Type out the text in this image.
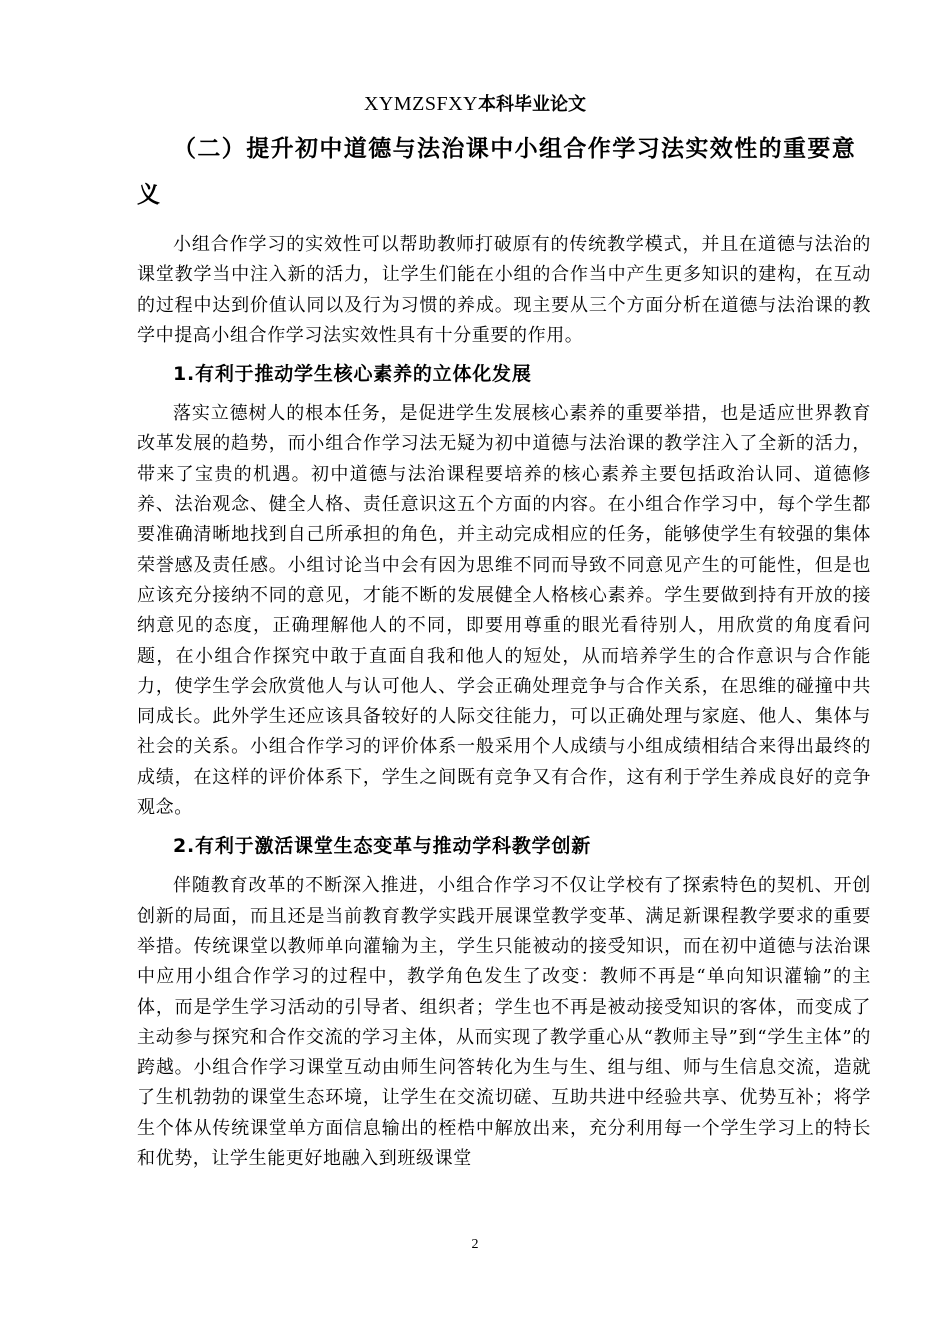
XYMZSFXY本科毕业论文
（二）提升初中道德与法治课中小组合作学习法实效性的重要意义

小组合作学习的实效性可以帮助教师打破原有的传统教学模式，并且在道德与法治的课堂教学当中注入新的活力，让学生们能在小组的合作当中产生更多知识的建构，在互动的过程中达到价值认同以及行为习惯的养成。现主要从三个方面分析在道德与法治课的教学中提高小组合作学习法实效性具有十分重要的作用。

1.有利于推动学生核心素养的立体化发展

落实立德树人的根本任务，是促进学生发展核心素养的重要举措，也是适应世界教育改革发展的趋势，而小组合作学习法无疑为初中道德与法治课的教学注入了全新的活力，带来了宝贵的机遇。初中道德与法治课程要培养的核心素养主要包括政治认同、道德修养、法治观念、健全人格、责任意识这五个方面的内容。在小组合作学习中，每个学生都要准确清晰地找到自己所承担的角色，并主动完成相应的任务，能够使学生有较强的集体荣誉感及责任感。小组讨论当中会有因为思维不同而导致不同意见产生的可能性，但是也应该充分接纳不同的意见，才能不断的发展健全人格核心素养。学生要做到持有开放的接纳意见的态度，正确理解他人的不同，即要用尊重的眼光看待别人，用欣赏的角度看问题，在小组合作探究中敢于直面自我和他人的短处，从而培养学生的合作意识与合作能力，使学生学会欣赏他人与认可他人、学会正确处理竞争与合作关系，在思维的碰撞中共同成长。此外学生还应该具备较好的人际交往能力，可以正确处理与家庭、他人、集体与社会的关系。小组合作学习的评价体系一般采用个人成绩与小组成绩相结合来得出最终的成绩，在这样的评价体系下，学生之间既有竞争又有合作，这有利于学生养成良好的竞争观念。

2.有利于激活课堂生态变革与推动学科教学创新

伴随教育改革的不断深入推进，小组合作学习不仅让学校有了探索特色的契机、开创创新的局面，而且还是当前教育教学实践开展课堂教学变革、满足新课程教学要求的重要举措。传统课堂以教师单向灌输为主，学生只能被动的接受知识，而在初中道德与法治课中应用小组合作学习的过程中，教学角色发生了改变：教师不再是“单向知识灌输”的主体，而是学生学习活动的引导者、组织者；学生也不再是被动接受知识的客体，而变成了主动参与探究和合作交流的学习主体，从而实现了教学重心从“教师主导”到“学生主体”的跨越。小组合作学习课堂互动由师生问答转化为生与生、组与组、师与生信息交流，造就了生机勃勃的课堂生态环境，让学生在交流切磋、互助共进中经验共享、优势互补；将学生个体从传统课堂单方面信息输出的桎梏中解放出来，充分利用每一个学生学习上的特长和优势，让学生能更好地融入到班级课堂

2
